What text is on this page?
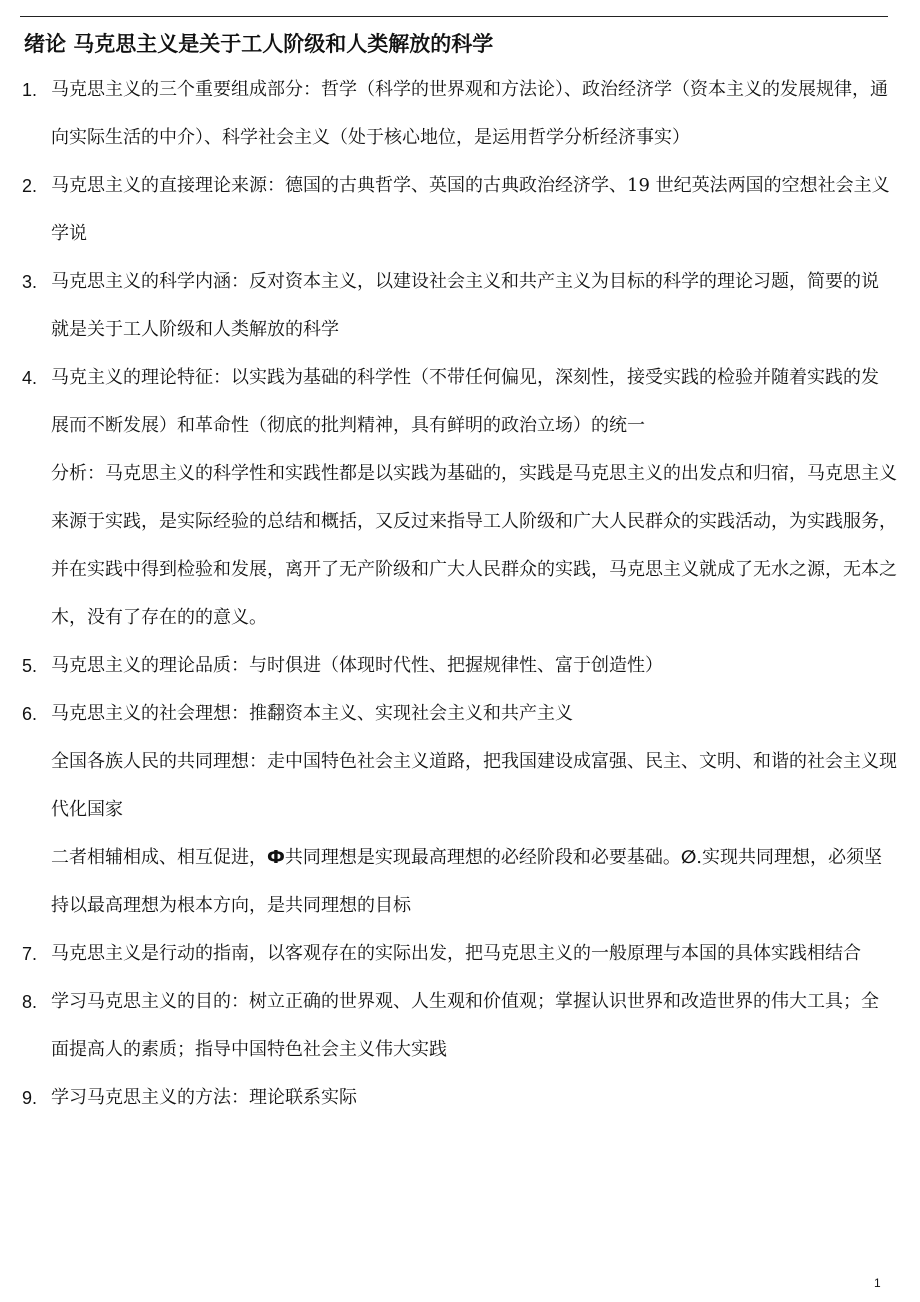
绪论 马克思主义是关于工人阶级和人类解放的科学
1. 马克思主义的三个重要组成部分：哲学（科学的世界观和方法论）、政治经济学（资本主义的发展规律，通向实际生活的中介）、科学社会主义（处于核心地位，是运用哲学分析经济事实）
2. 马克思主义的直接理论来源：德国的古典哲学、英国的古典政治经济学、19 世纪英法两国的空想社会主义学说
3. 马克思主义的科学内涵：反对资本主义，以建设社会主义和共产主义为目标的科学的理论习题，简要的说就是关于工人阶级和人类解放的科学
4. 马克主义的理论特征：以实践为基础的科学性（不带任何偏见，深刻性，接受实践的检验并随着实践的发展而不断发展）和革命性（彻底的批判精神，具有鲜明的政治立场）的统一
分析：马克思主义的科学性和实践性都是以实践为基础的，实践是马克思主义的出发点和归宿，马克思主义来源于实践，是实际经验的总结和概括，又反过来指导工人阶级和广大人民群众的实践活动，为实践服务，并在实践中得到检验和发展，离开了无产阶级和广大人民群众的实践，马克思主义就成了无水之源，无本之木，没有了存在的的意义。
5. 马克思主义的理论品质：与时俱进（体现时代性、把握规律性、富于创造性）
6. 马克思主义的社会理想：推翻资本主义、实现社会主义和共产主义
全国各族人民的共同理想：走中国特色社会主义道路，把我国建设成富强、民主、文明、和谐的社会主义现代化国家
二者相辅相成、相互促进，Ф共同理想是实现最高理想的必经阶段和必要基础。∅.实现共同理想，必须坚持以最高理想为根本方向，是共同理想的目标
7. 马克思主义是行动的指南，以客观存在的实际出发，把马克思主义的一般原理与本国的具体实践相结合
8. 学习马克思主义的目的：树立正确的世界观、人生观和价值观；掌握认识世界和改造世界的伟大工具；全面提高人的素质；指导中国特色社会主义伟大实践
9. 学习马克思主义的方法：理论联系实际
1
